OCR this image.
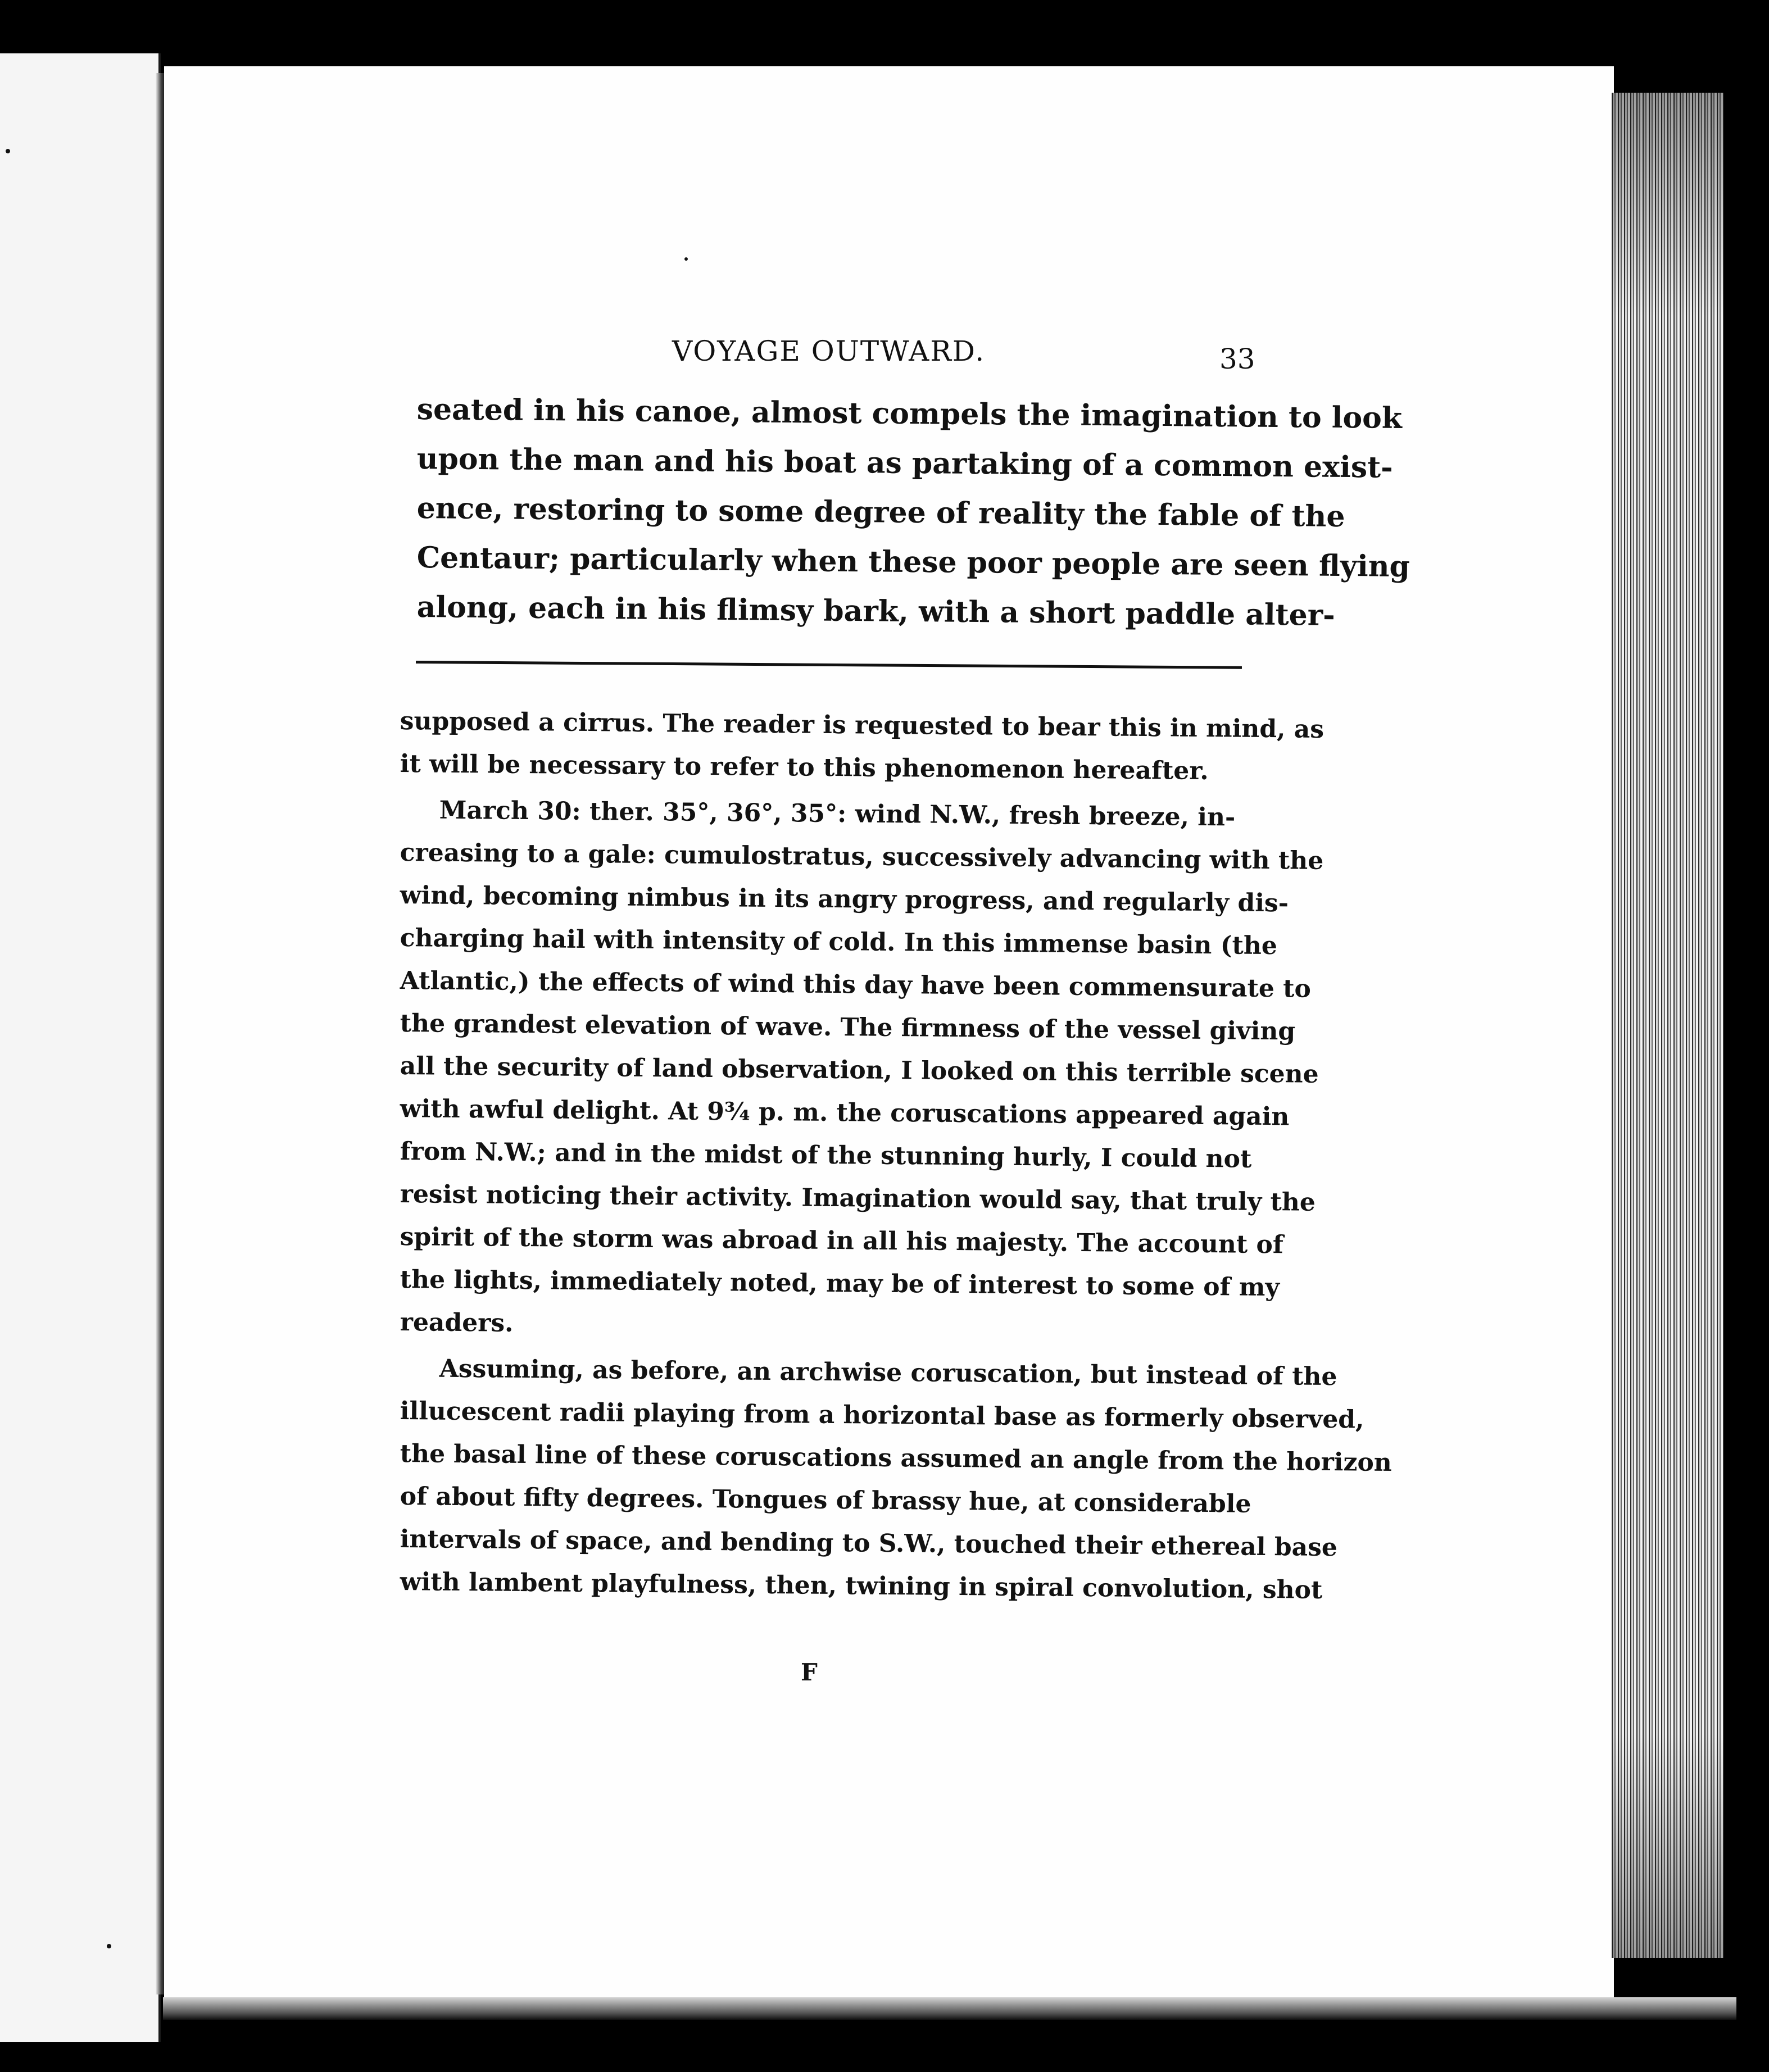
VOYAGE OUTWARD.	33
seated in his canoe, almost compels the imagination to look
upon the man and his boat as partaking of a common exist-
ence, restoring to some degree of reality the fable of the
Centaur; particularly when these poor people are seen flying
along, each in his flimsy bark, with a short paddle alter-
supposed a cirrus. The reader is requested to bear this in mind, as
it will be necessary to refer to this phenomenon hereafter.
March 30: ther. 35°, 36°, 35°: wind N.W., fresh breeze, in-
creasing to a gale: cumulostratus, successively advancing with the
wind, becoming nimbus in its angry progress, and regularly dis-
charging hail with intensity of cold. In this immense basin (the
Atlantic,) the effects of wind this day have been commensurate to
the grandest elevation of wave. The firmness of the vessel giving
all the security of land observation, I looked on this terrible scene
with awful delight. At 9¾ p. m. the coruscations appeared again
from N.W.; and in the midst of the stunning hurly, I could not
resist noticing their activity. Imagination would say, that truly the
spirit of the storm was abroad in all his majesty. The account of
the lights, immediately noted, may be of interest to some of my
readers.
Assuming, as before, an archwise coruscation, but instead of the
illucescent radii playing from a horizontal base as formerly observed,
the basal line of these coruscations assumed an angle from the horizon
of about fifty degrees. Tongues of brassy hue, at considerable
intervals of space, and bending to S.W., touched their ethereal base
with lambent playfulness, then, twining in spiral convolution, shot
F
